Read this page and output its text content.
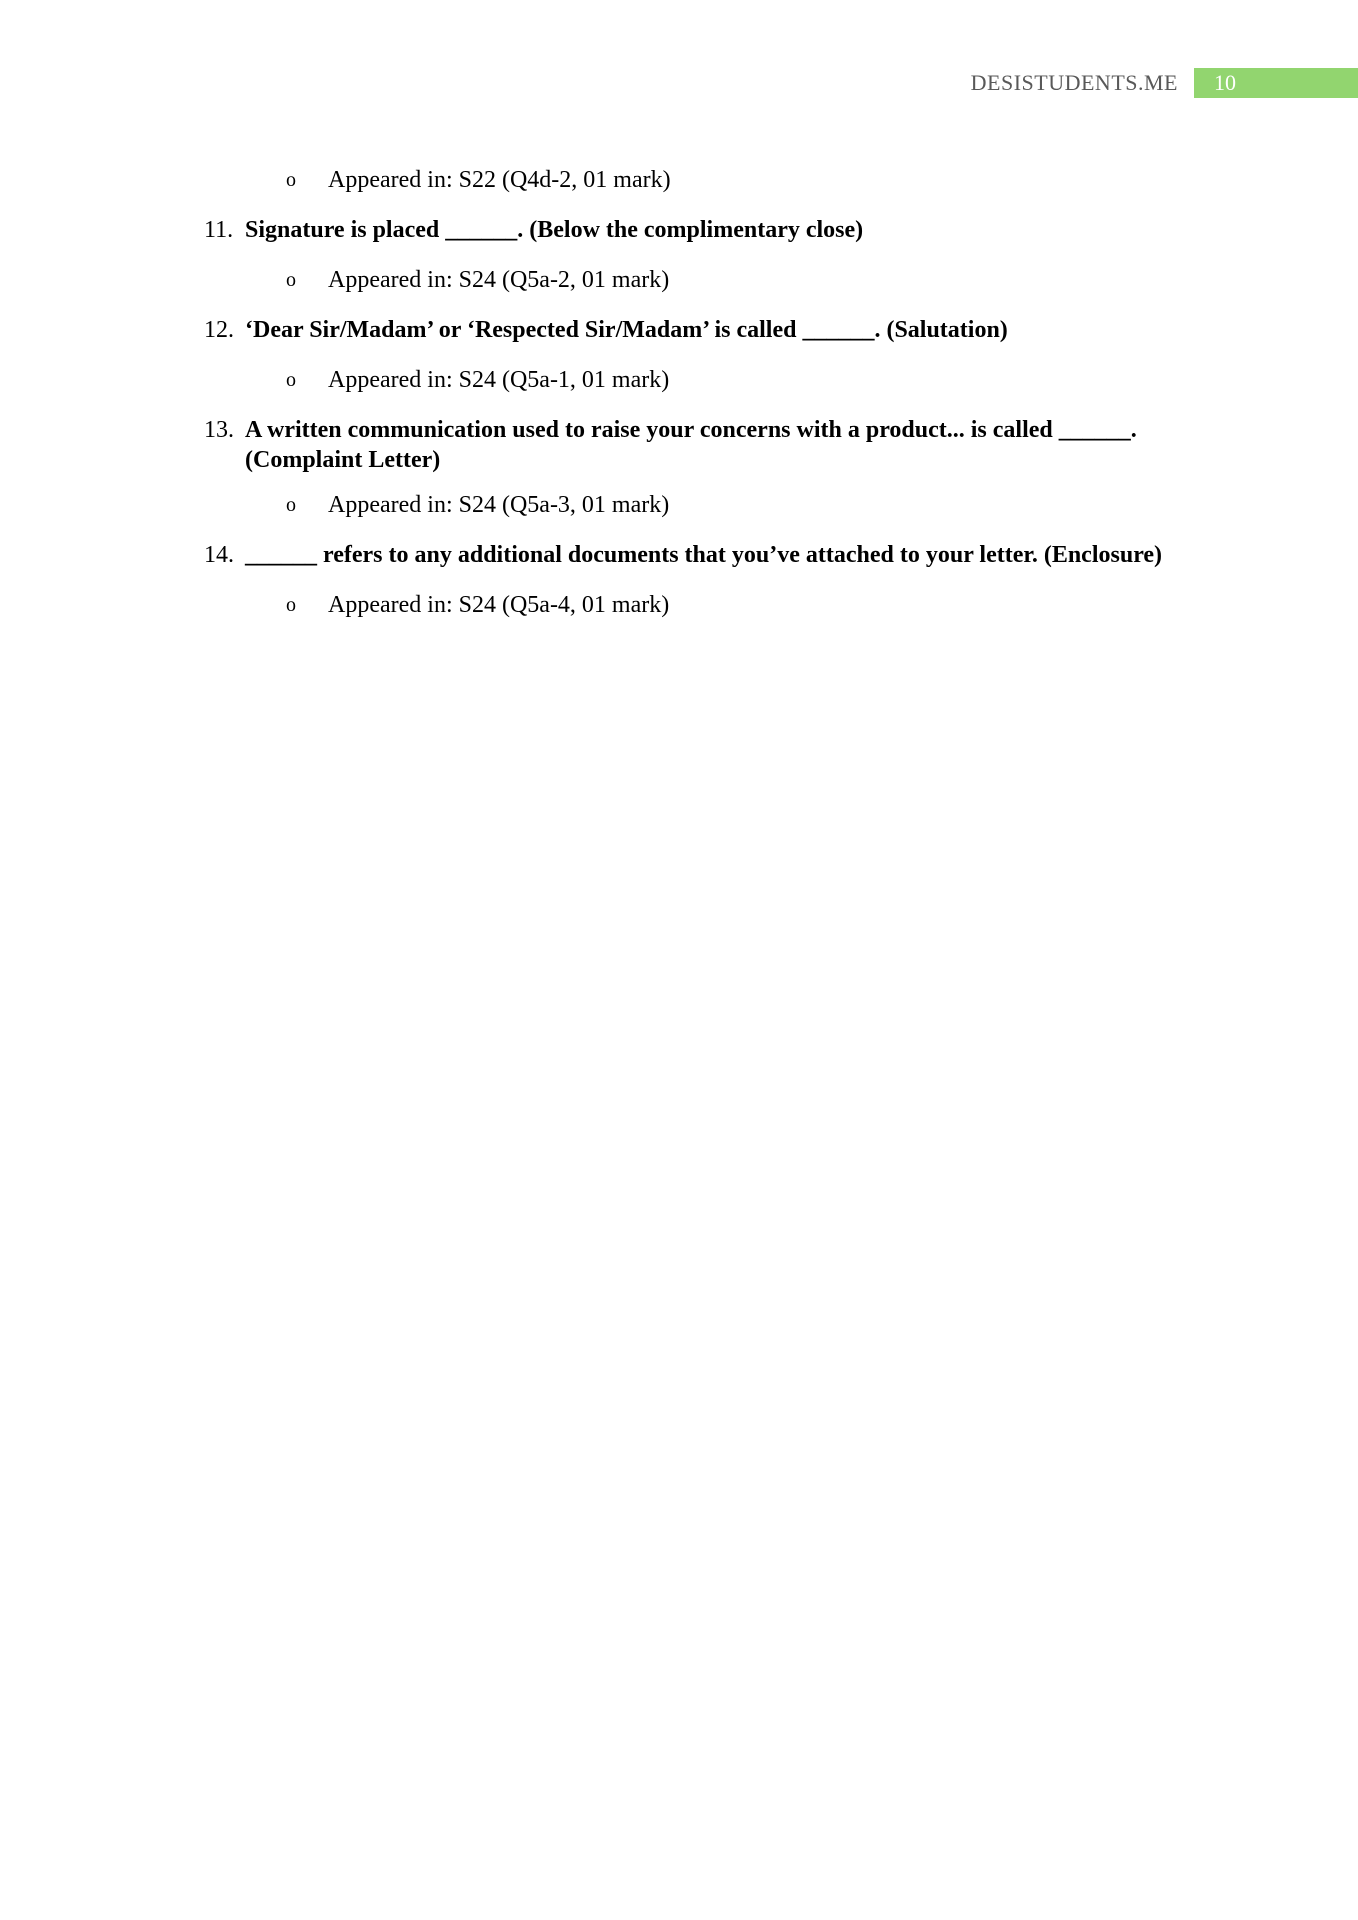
DESISTUDENTS.ME	10
o Appeared in: S22 (Q4d-2, 01 mark)
11. Signature is placed ______. (Below the complimentary close)
o Appeared in: S24 (Q5a-2, 01 mark)
12. ‘Dear Sir/Madam’ or ‘Respected Sir/Madam’ is called ______. (Salutation)
o Appeared in: S24 (Q5a-1, 01 mark)
13. A written communication used to raise your concerns with a product... is called ______. (Complaint Letter)
o Appeared in: S24 (Q5a-3, 01 mark)
14. ______ refers to any additional documents that you’ve attached to your letter. (Enclosure)
o Appeared in: S24 (Q5a-4, 01 mark)
